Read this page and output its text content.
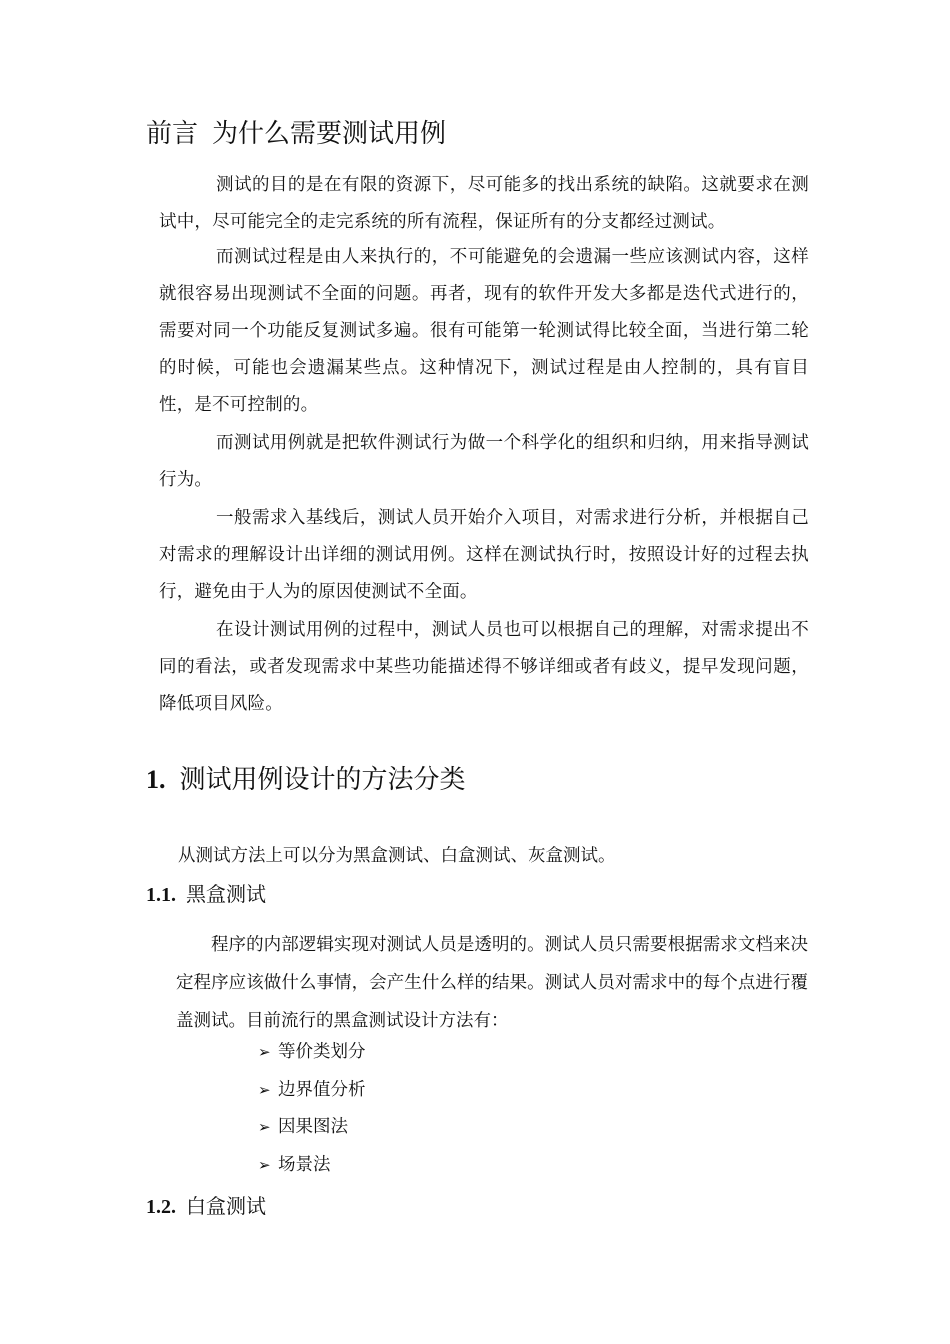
前言 为什么需要测试用例

测试的目的是在有限的资源下，尽可能多的找出系统的缺陷。这就要求在测试中，尽可能完全的走完系统的所有流程，保证所有的分支都经过测试。

而测试过程是由人来执行的，不可能避免的会遗漏一些应该测试内容，这样就很容易出现测试不全面的问题。再者，现有的软件开发大多都是迭代式进行的，需要对同一个功能反复测试多遍。很有可能第一轮测试得比较全面，当进行第二轮的时候，可能也会遗漏某些点。这种情况下，测试过程是由人控制的，具有盲目性，是不可控制的。

而测试用例就是把软件测试行为做一个科学化的组织和归纳，用来指导测试行为。

一般需求入基线后，测试人员开始介入项目，对需求进行分析，并根据自己对需求的理解设计出详细的测试用例。这样在测试执行时，按照设计好的过程去执行，避免由于人为的原因使测试不全面。

在设计测试用例的过程中，测试人员也可以根据自己的理解，对需求提出不同的看法，或者发现需求中某些功能描述得不够详细或者有歧义，提早发现问题，降低项目风险。

1. 测试用例设计的方法分类
从测试方法上可以分为黑盒测试、白盒测试、灰盒测试。
1.1. 黑盒测试

程序的内部逻辑实现对测试人员是透明的。测试人员只需要根据需求文档来决定程序应该做什么事情，会产生什么样的结果。测试人员对需求中的每个点进行覆盖测试。目前流行的黑盒测试设计方法有：

➢ 等价类划分
➢ 边界值分析
➢ 因果图法
➢ 场景法
1.2. 白盒测试
